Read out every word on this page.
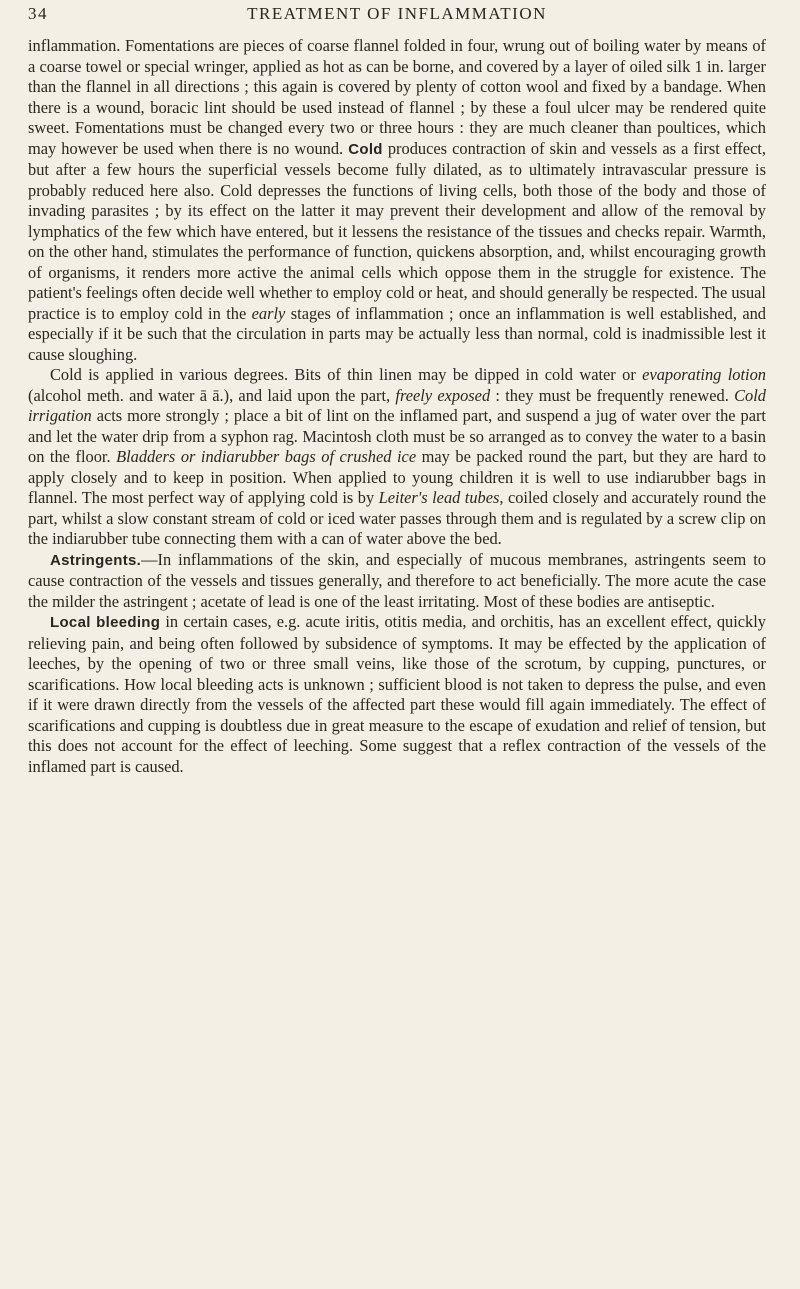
34	TREATMENT OF INFLAMMATION

inflammation. Fomentations are pieces of coarse flannel folded in four, wrung out of boiling water by means of a coarse towel or special wringer, applied as hot as can be borne, and covered by a layer of oiled silk 1 in. larger than the flannel in all directions ; this again is covered by plenty of cotton wool and fixed by a bandage. When there is a wound, boracic lint should be used instead of flannel ; by these a foul ulcer may be rendered quite sweet. Fomentations must be changed every two or three hours : they are much cleaner than poultices, which may however be used when there is no wound. Cold produces contraction of skin and vessels as a first effect, but after a few hours the superficial vessels become fully dilated, as to ultimately intravascular pressure is probably reduced here also. Cold depresses the functions of living cells, both those of the body and those of invading parasites ; by its effect on the latter it may prevent their development and allow of the removal by lymphatics of the few which have entered, but it lessens the resistance of the tissues and checks repair. Warmth, on the other hand, stimulates the performance of function, quickens absorption, and, whilst encouraging growth of organisms, it renders more active the animal cells which oppose them in the struggle for existence. The patient's feelings often decide well whether to employ cold or heat, and should generally be respected. The usual practice is to employ cold in the early stages of inflammation ; once an inflammation is well established, and especially if it be such that the circulation in parts may be actually less than normal, cold is inadmissible lest it cause sloughing.

Cold is applied in various degrees. Bits of thin linen may be dipped in cold water or evaporating lotion (alcohol meth. and water ā ā.), and laid upon the part, freely exposed : they must be frequently renewed. Cold irrigation acts more strongly ; place a bit of lint on the inflamed part, and suspend a jug of water over the part and let the water drip from a syphon rag. Macintosh cloth must be so arranged as to convey the water to a basin on the floor. Bladders or indiarubber bags of crushed ice may be packed round the part, but they are hard to apply closely and to keep in position. When applied to young children it is well to use indiarubber bags in flannel. The most perfect way of applying cold is by Leiter's lead tubes, coiled closely and accurately round the part, whilst a slow constant stream of cold or iced water passes through them and is regulated by a screw clip on the indiarubber tube connecting them with a can of water above the bed.

Astringents.—In inflammations of the skin, and especially of mucous membranes, astringents seem to cause contraction of the vessels and tissues generally, and therefore to act beneficially. The more acute the case the milder the astringent ; acetate of lead is one of the least irritating. Most of these bodies are antiseptic.

Local bleeding in certain cases, e.g. acute iritis, otitis media, and orchitis, has an excellent effect, quickly relieving pain, and being often followed by subsidence of symptoms. It may be effected by the application of leeches, by the opening of two or three small veins, like those of the scrotum, by cupping, punctures, or scarifications. How local bleeding acts is unknown ; sufficient blood is not taken to depress the pulse, and even if it were drawn directly from the vessels of the affected part these would fill again immediately. The effect of scarifications and cupping is doubtless due in great measure to the escape of exudation and relief of tension, but this does not account for the effect of leeching. Some suggest that a reflex contraction of the vessels of the inflamed part is caused.
